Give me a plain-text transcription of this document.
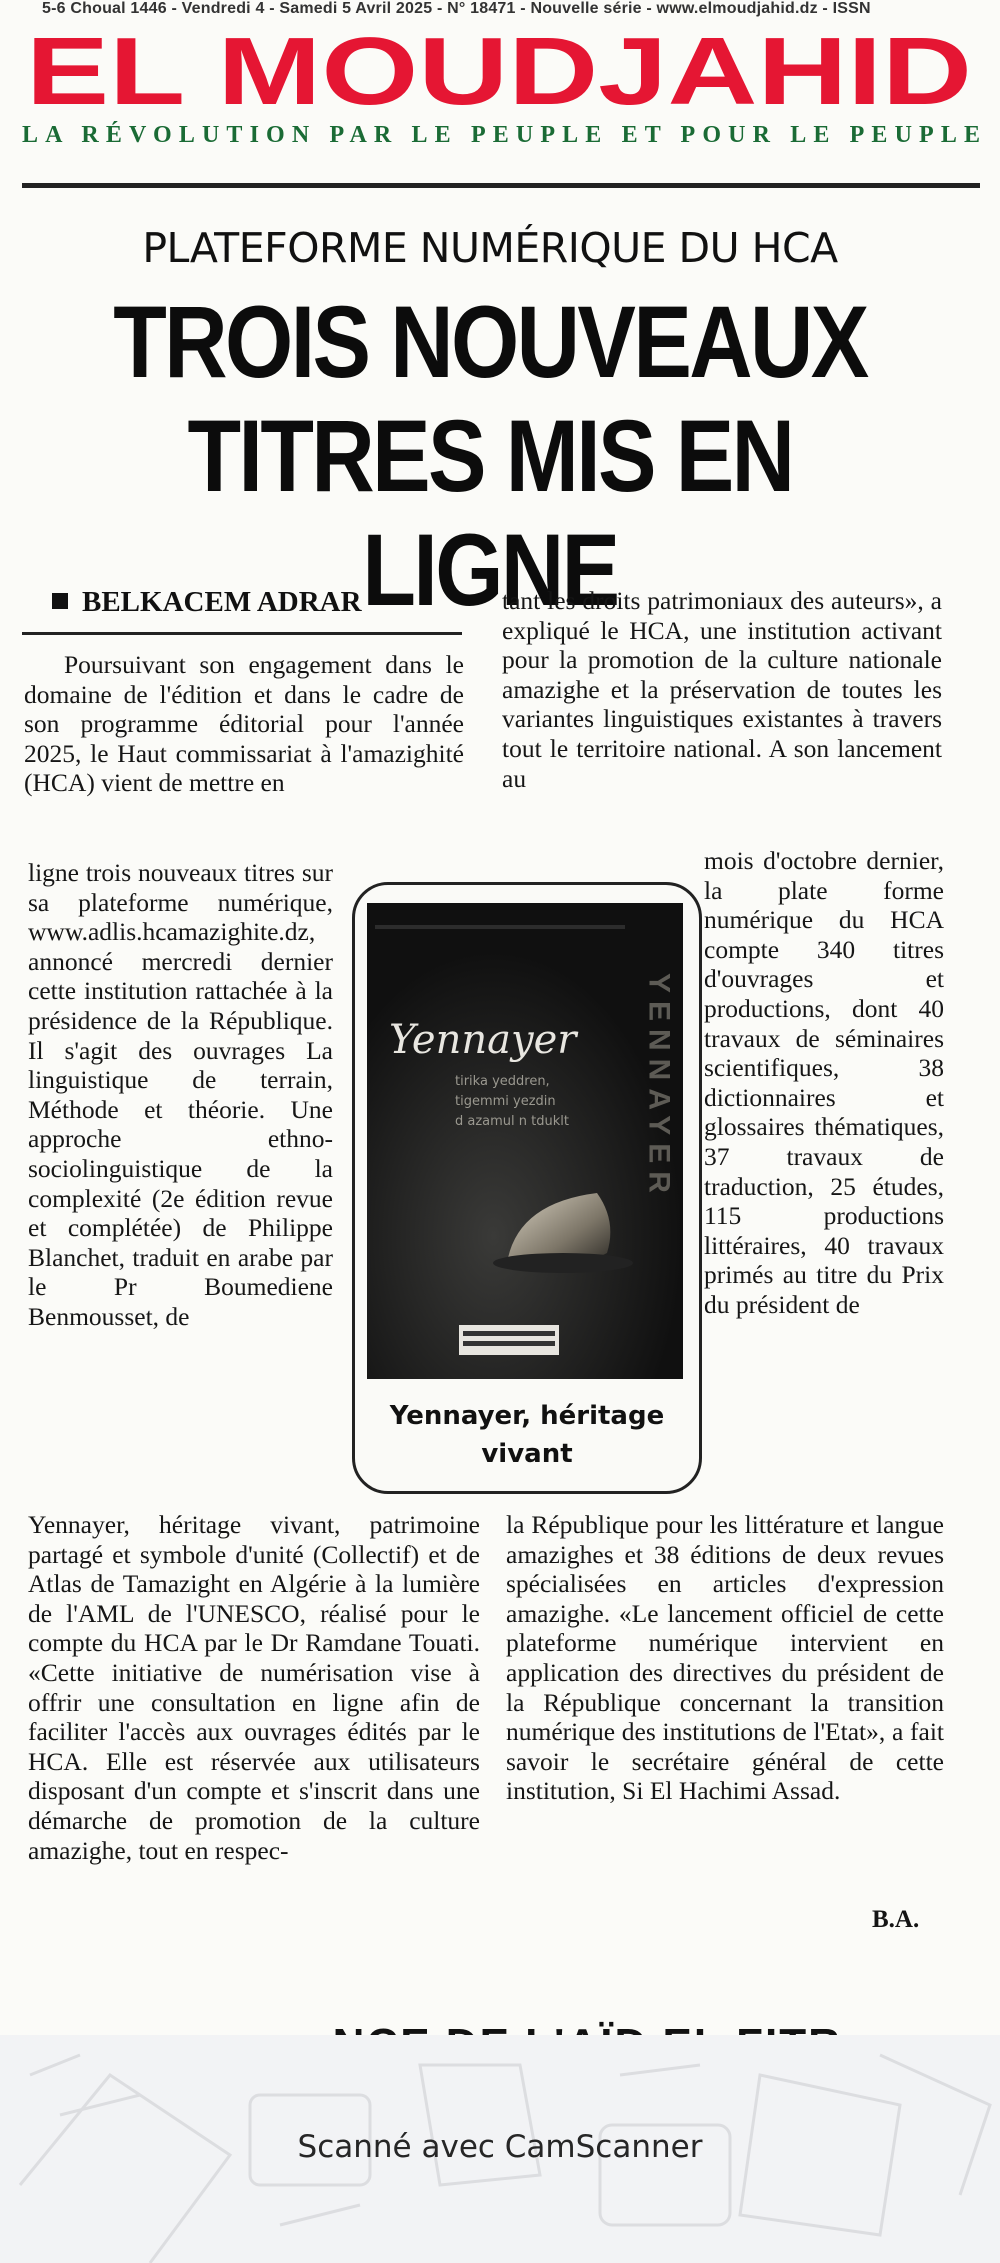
5-6 Choual 1446 - Vendredi 4 - Samedi 5 Avril 2025 - N° 18471 - Nouvelle série - www.elmoudjahid.dz - ISSN
EL MOUDJAHID
LA RÉVOLUTION PAR LE PEUPLE ET POUR LE PEUPLE
PLATEFORME NUMÉRIQUE DU HCA
TROIS NOUVEAUX
TITRES MIS EN LIGNE
BELKACEM ADRAR
Poursuivant son engagement dans le domaine de l'édition et dans le cadre de son programme éditorial pour l'année 2025, le Haut commissariat à l'amazighité (HCA) vient de mettre en
ligne trois nouveaux titres sur sa plateforme numérique, www.adlis.hcamazighite.dz, annoncé mercredi dernier cette institution rattachée à la présidence de la République. Il s'agit des ouvrages La linguistique de terrain, Méthode et théorie. Une approche ethno-sociolinguistique de la complexité (2e édition revue et complétée) de Philippe Blanchet, traduit en arabe par le Pr Boumediene Benmousset, de
Yennayer, héritage vivant, patrimoine partagé et symbole d'unité (Collectif) et de Atlas de Tamazight en Algérie à la lumière de l'AML de l'UNESCO, réalisé pour le compte du HCA par le Dr Ramdane Touati. «Cette initiative de numérisation vise à offrir une consultation en ligne afin de faciliter l'accès aux ouvrages édités par le HCA. Elle est réservée aux utilisateurs disposant d'un compte et s'inscrit dans une démarche de promotion de la culture amazighe, tout en respec-
tant les droits patrimoniaux des auteurs», a expliqué le HCA, une institution activant pour la promotion de la culture nationale amazighe et la préservation de toutes les variantes linguistiques existantes à travers tout le territoire national. A son lancement au
mois d'octobre dernier, la plate forme numérique du HCA compte 340 titres d'ouvrages et productions, dont 40 travaux de séminaires scientifiques, 38 dictionnaires et glossaires thématiques, 37 travaux de traduction, 25 études, 115 productions littéraires, 40 travaux primés au titre du Prix du président de
la République pour les littérature et langue amazighes et 38 éditions de deux revues spécialisées en articles d'expression amazighe. «Le lancement officiel de cette plateforme numérique intervient en application des directives du président de la République concernant la transition numérique des institutions de l'Etat», a fait savoir le secrétaire général de cette institution, Si El Hachimi Assad.
B.A.
Yennayer
tirika yeddren,
tigemmi yezdin
d azamul n tduklt YENNAYER
Yennayer, héritage vivant
Scanné avec CamScanner
